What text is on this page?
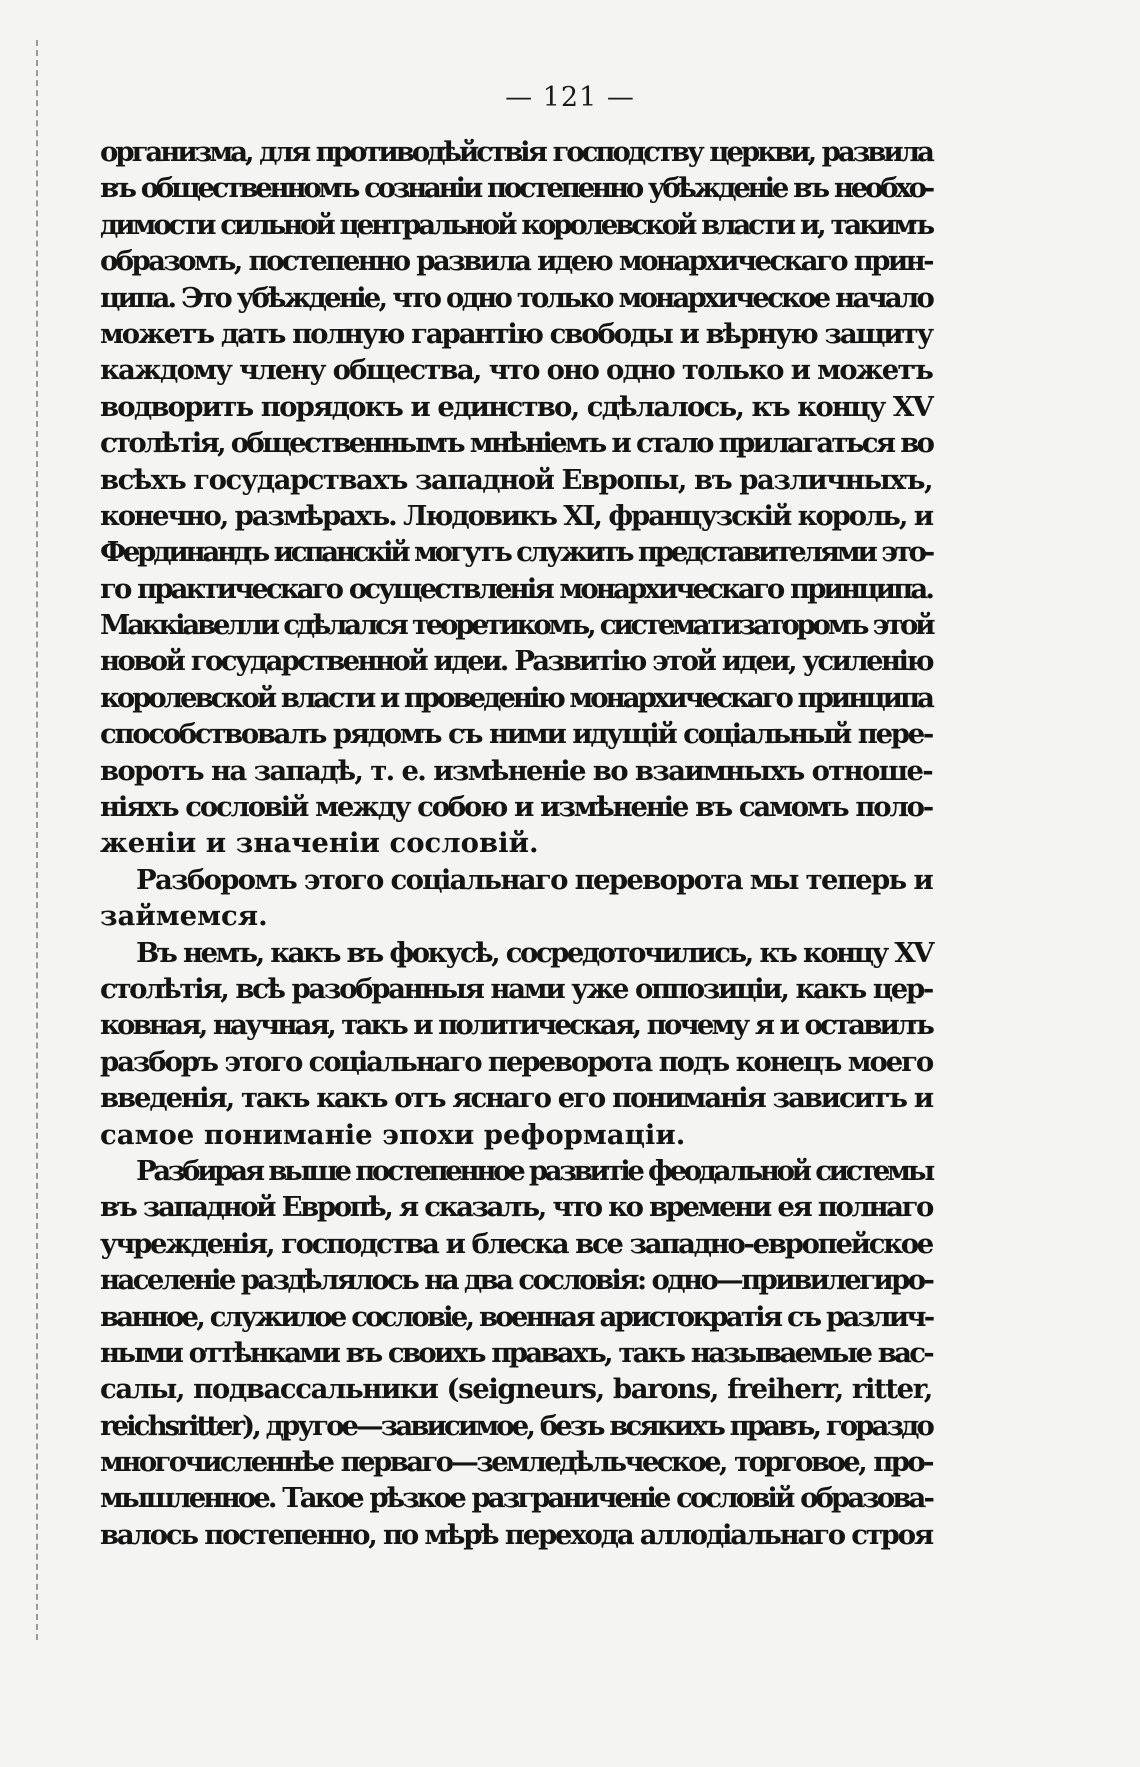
— 121 —
организма, для противодѣйствія господству церкви, развила
въ общественномъ сознаніи постепенно убѣжденіе въ необхо-
димости сильной центральной королевской власти и, такимъ
образомъ, постепенно развила идею монархическаго прин-
ципа. Это убѣжденіе, что одно только монархическое начало
можетъ дать полную гарантію свободы и вѣрную защиту
каждому члену общества, что оно одно только и можетъ
водворить порядокъ и единство, сдѣлалось, къ концу XV
столѣтія, общественнымъ мнѣніемъ и стало прилагаться во
всѣхъ государствахъ западной Европы, въ различныхъ,
конечно, размѣрахъ. Людовикъ XI, французскій король, и
Фердинандъ испанскій могутъ служить представителями это-
го практическаго осуществленія монархическаго принципа.
Маккіавелли сдѣлался теоретикомъ, систематизаторомъ этой
новой государственной идеи. Развитію этой идеи, усиленію
королевской власти и проведенію монархическаго принципа
способствовалъ рядомъ съ ними идущій соціальный пере-
воротъ на западѣ, т. е. измѣненіе во взаимныхъ отноше-
ніяхъ сословій между собою и измѣненіе въ самомъ поло-
женіи и значеніи сословій.
Разборомъ этого соціальнаго переворота мы теперь и
займемся.
Въ немъ, какъ въ фокусѣ, сосредоточились, къ концу XV
столѣтія, всѣ разобранныя нами уже оппозиціи, какъ цер-
ковная, научная, такъ и политическая, почему я и оставилъ
разборъ этого соціальнаго переворота подъ конецъ моего
введенія, такъ какъ отъ яснаго его пониманія зависитъ и
самое пониманіе эпохи реформаціи.
Разбирая выше постепенное развитіе феодальной системы
въ западной Европѣ, я сказалъ, что ко времени ея полнаго
учрежденія, господства и блеска все западно-европейское
населеніе раздѣлялось на два сословія: одно—привилегиро-
ванное, служилое сословіе, военная аристократія съ различ-
ными оттѣнками въ своихъ правахъ, такъ называемые вас-
салы, подвассальники (seigneurs, barons, freiherr, ritter,
reichsritter), другое—зависимое, безъ всякихъ правъ, гораздо
многочисленнѣе перваго—земледѣльческое, торговое, про-
мышленное. Такое рѣзкое разграниченіе сословій образова-
валось постепенно, по мѣрѣ перехода аллодіальнаго строя
